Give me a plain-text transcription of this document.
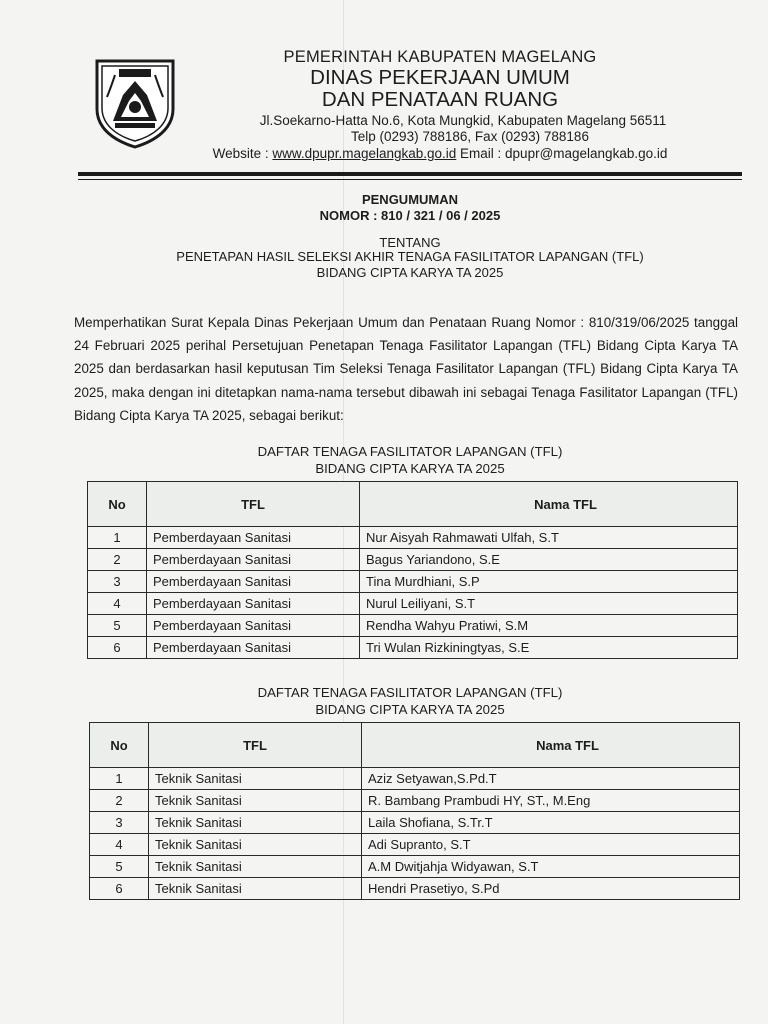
PEMERINTAH KABUPATEN MAGELANG
DINAS PEKERJAAN UMUM
DAN PENATAAN RUANG
Jl.Soekarno-Hatta No.6, Kota Mungkid, Kabupaten Magelang 56511
Telp (0293) 788186, Fax (0293) 788186
Website : www.dpupr.magelangkab.go.id Email : dpupr@magelangkab.go.id
PENGUMUMAN
NOMOR : 810 / 321 / 06 / 2025
TENTANG
PENETAPAN HASIL SELEKSI AKHIR TENAGA FASILITATOR LAPANGAN (TFL)
BIDANG CIPTA KARYA TA 2025
Memperhatikan Surat Kepala Dinas Pekerjaan Umum dan Penataan Ruang Nomor : 810/319/06/2025 tanggal 24 Februari 2025 perihal Persetujuan Penetapan Tenaga Fasilitator Lapangan (TFL) Bidang Cipta Karya TA 2025 dan berdasarkan hasil keputusan Tim Seleksi Tenaga Fasilitator Lapangan (TFL) Bidang Cipta Karya TA 2025, maka dengan ini ditetapkan nama-nama tersebut dibawah ini sebagai Tenaga Fasilitator Lapangan (TFL) Bidang Cipta Karya TA 2025, sebagai berikut:
DAFTAR TENAGA FASILITATOR LAPANGAN (TFL)
BIDANG CIPTA KARYA TA 2025
No	TFL	Nama TFL
1	Pemberdayaan Sanitasi	Nur Aisyah Rahmawati Ulfah, S.T
2	Pemberdayaan Sanitasi	Bagus Yariandono, S.E
3	Pemberdayaan Sanitasi	Tina Murdhiani, S.P
4	Pemberdayaan Sanitasi	Nurul Leiliyani, S.T
5	Pemberdayaan Sanitasi	Rendha Wahyu Pratiwi, S.M
6	Pemberdayaan Sanitasi	Tri Wulan Rizkiningtyas, S.E
DAFTAR TENAGA FASILITATOR LAPANGAN (TFL)
BIDANG CIPTA KARYA TA 2025
No	TFL	Nama TFL
1	Teknik Sanitasi	Aziz Setyawan,S.Pd.T
2	Teknik Sanitasi	R. Bambang Prambudi HY, ST., M.Eng
3	Teknik Sanitasi	Laila Shofiana, S.Tr.T
4	Teknik Sanitasi	Adi Supranto, S.T
5	Teknik Sanitasi	A.M Dwitjahja Widyawan, S.T
6	Teknik Sanitasi	Hendri Prasetiyo, S.Pd
